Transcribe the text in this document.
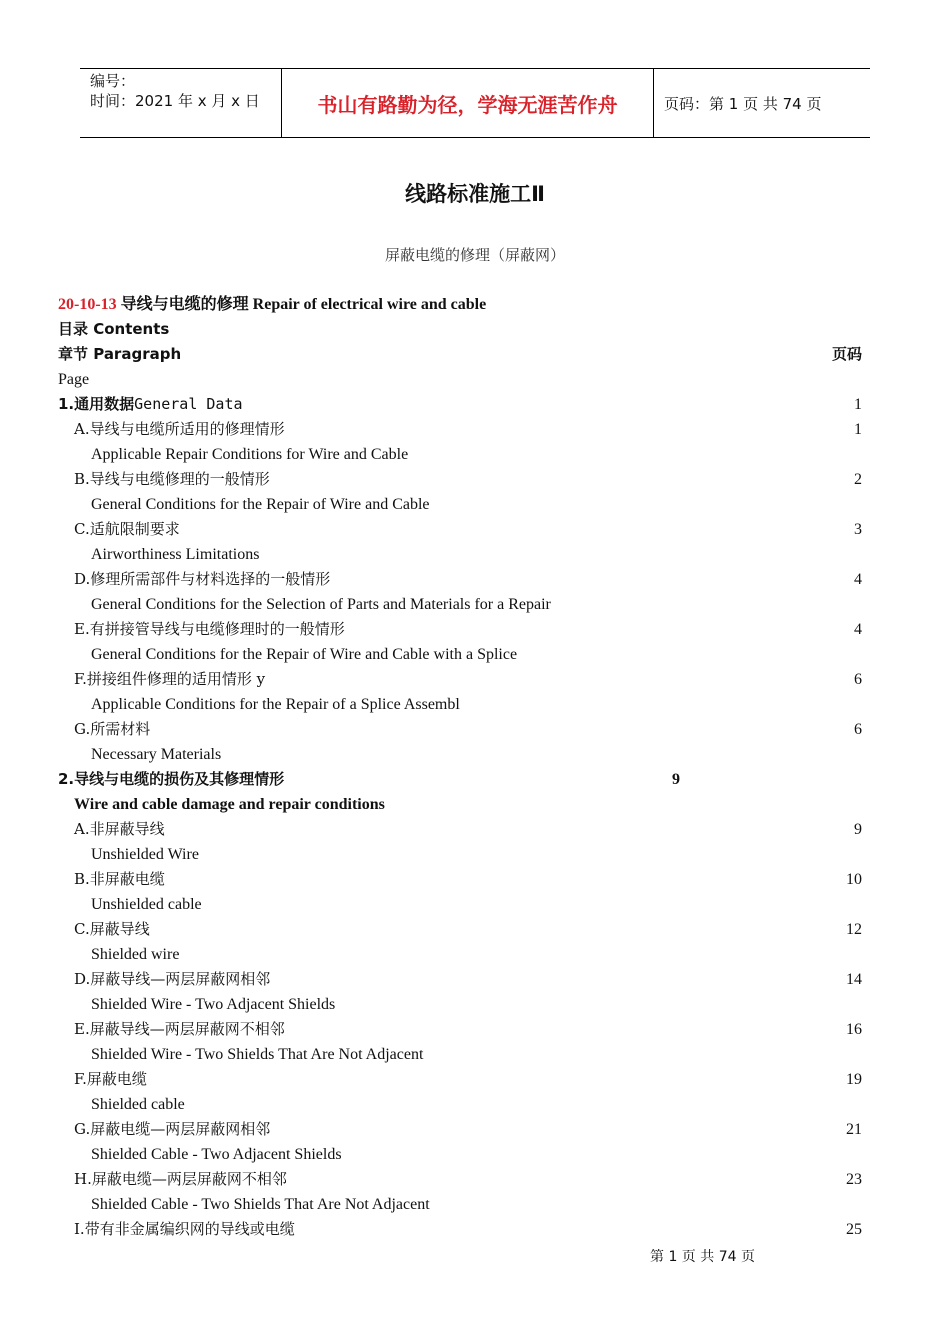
编号：
时间：2021 年 x 月 x 日	书山有路勤为径，学海无涯苦作舟	页码：第 1 页 共 74 页
线路标准施工Ⅱ
屏蔽电缆的修理（屏蔽网）
20-10-13 导线与电缆的修理 Repair of electrical wire and cable
目录 Contents
章节 Paragraph	页码
Page
1.通用数据General Data	1
A.导线与电缆所适用的修理情形	1
Applicable Repair Conditions for Wire and Cable
B.导线与电缆修理的一般情形	2
General Conditions for the Repair of Wire and Cable
C.适航限制要求	3
Airworthiness Limitations
D.修理所需部件与材料选择的一般情形	4
General Conditions for the Selection of Parts and Materials for a Repair
E.有拼接管导线与电缆修理时的一般情形	4
General Conditions for the Repair of Wire and Cable with a Splice
F.拼接组件修理的适用情形 y	6
Applicable Conditions for the Repair of a Splice Assembl
G.所需材料	6
Necessary Materials
2.导线与电缆的损伤及其修理情形	9
Wire and cable damage and repair conditions
A.非屏蔽导线	9
Unshielded Wire
B.非屏蔽电缆	10
Unshielded cable
C.屏蔽导线	12
Shielded wire
D.屏蔽导线—两层屏蔽网相邻	14
Shielded Wire - Two Adjacent Shields
E.屏蔽导线—两层屏蔽网不相邻	16
Shielded Wire - Two Shields That Are Not Adjacent
F.屏蔽电缆	19
Shielded cable
G.屏蔽电缆—两层屏蔽网相邻	21
Shielded Cable - Two Adjacent Shields
H.屏蔽电缆—两层屏蔽网不相邻	23
Shielded Cable - Two Shields That Are Not Adjacent
I.带有非金属编织网的导线或电缆	25
第 1 页 共 74 页
